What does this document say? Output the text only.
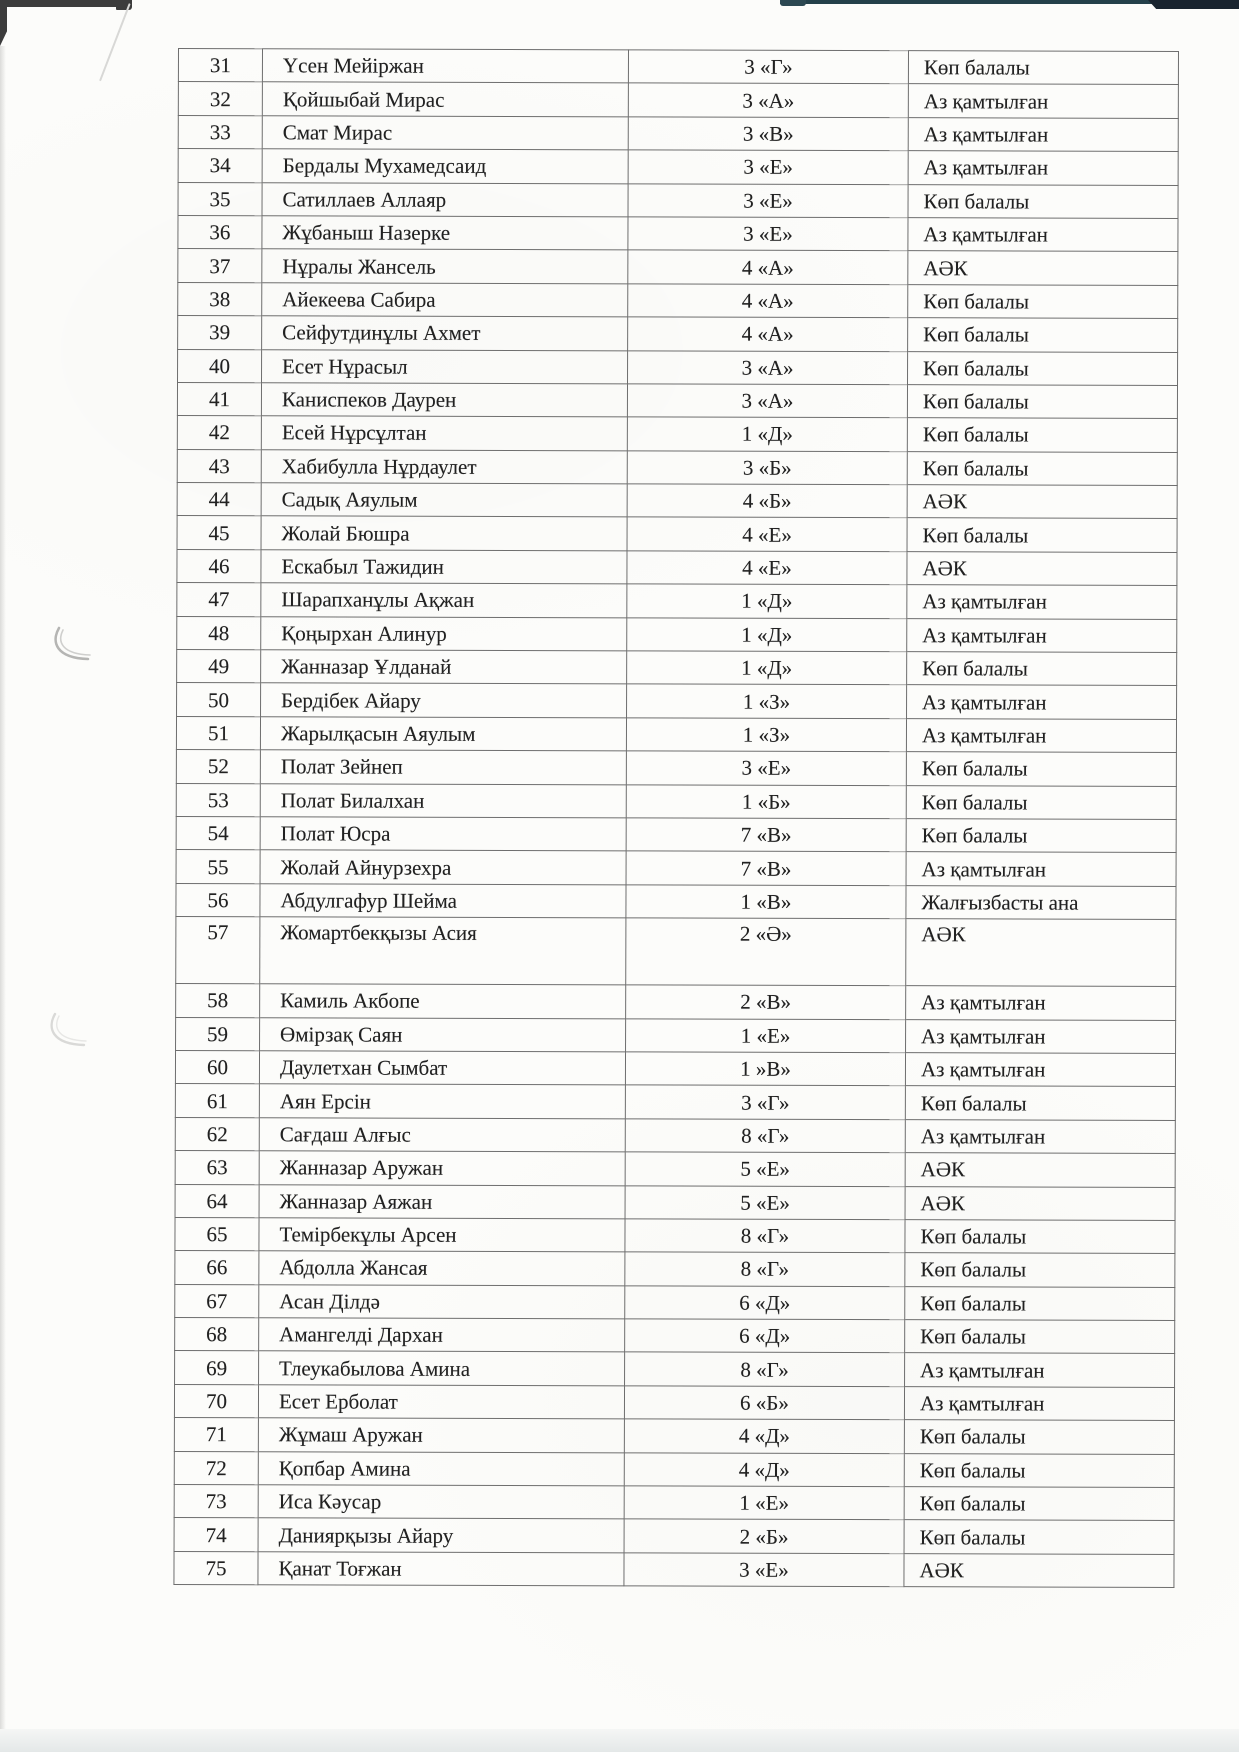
31	Үсен Мейіржан	3 «Г»	Көп балалы
32	Қойшыбай Мирас	3 «А»	Аз қамтылған
33	Смат Мирас	3 «В»	Аз қамтылған
34	Бердалы Мухамедсаид	3 «Е»	Аз қамтылған
35	Сатиллаев Аллаяр	3 «Е»	Көп балалы
36	Жұбаныш Назерке	3 «Е»	Аз қамтылған
37	Нұралы Жансель	4 «А»	АӘК
38	Айекеева Сабира	4 «А»	Көп балалы
39	Сейфутдинұлы Ахмет	4 «А»	Көп балалы
40	Есет Нұрасыл	3 «А»	Көп балалы
41	Каниспеков Даурен	3 «А»	Көп балалы
42	Есей Нұрсұлтан	1 «Д»	Көп балалы
43	Хабибулла Нұрдаулет	3 «Б»	Көп балалы
44	Садық Аяулым	4 «Б»	АӘК
45	Жолай Бюшра	4 «Е»	Көп балалы
46	Ескабыл Тажидин	4 «Е»	АӘК
47	Шарапханұлы Ақжан	1 «Д»	Аз қамтылған
48	Қоңырхан Алинур	1 «Д»	Аз қамтылған
49	Жанназар Ұлданай	1 «Д»	Көп балалы
50	Бердібек Айару	1 «З»	Аз қамтылған
51	Жарылқасын Аяулым	1 «З»	Аз қамтылған
52	Полат Зейнеп	3 «Е»	Көп балалы
53	Полат Билалхан	1 «Б»	Көп балалы
54	Полат Юсра	7 «В»	Көп балалы
55	Жолай Айнурзехра	7 «В»	Аз қамтылған
56	Абдулгафур Шейма	1 «В»	Жалғызбасты ана
57	Жомартбекқызы Асия	2 «Ә»	АӘК
58	Камиль Акбопе	2 «В»	Аз қамтылған
59	Өмірзақ Саян	1 «Е»	Аз қамтылған
60	Даулетхан Сымбат	1 »В»	Аз қамтылған
61	Аян Ерсін	3 «Г»	Көп балалы
62	Сағдаш Алғыс	8 «Г»	Аз қамтылған
63	Жанназар Аружан	5 «Е»	АӘК
64	Жанназар Аяжан	5 «Е»	АӘК
65	Темірбекұлы Арсен	8 «Г»	Көп балалы
66	Абдолла Жансая	8 «Г»	Көп балалы
67	Асан Ділдә	6 «Д»	Көп балалы
68	Амангелді Дархан	6 «Д»	Көп балалы
69	Тлеукабылова Амина	8 «Г»	Аз қамтылған
70	Есет Ерболат	6 «Б»	Аз қамтылған
71	Жұмаш Аружан	4 «Д»	Көп балалы
72	Қопбар Амина	4 «Д»	Көп балалы
73	Иса Кәусар	1 «Е»	Көп балалы
74	Даниярқызы Айару	2 «Б»	Көп балалы
75	Қанат Тоғжан	3 «Е»	АӘК
